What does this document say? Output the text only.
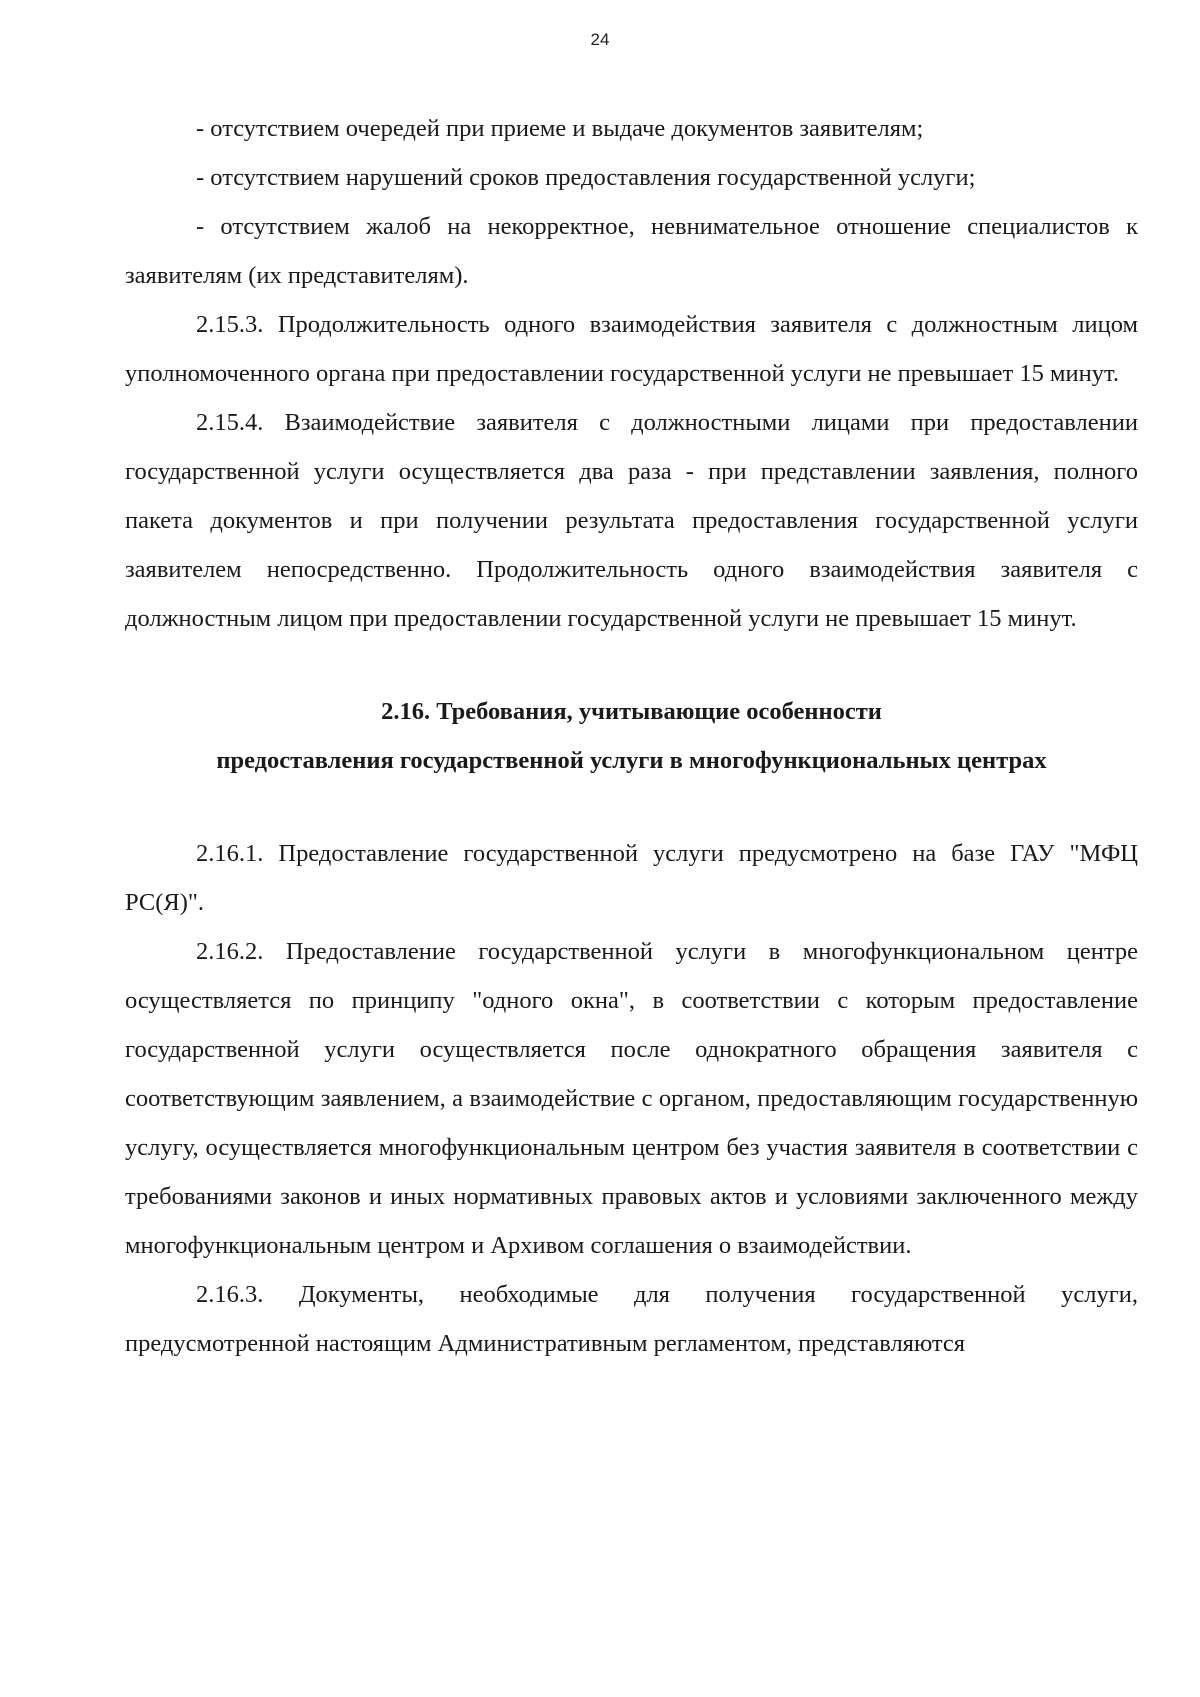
24

- отсутствием очередей при приеме и выдаче документов заявителям;

- отсутствием нарушений сроков предоставления государственной услуги;

- отсутствием жалоб на некорректное, невнимательное отношение специалистов к заявителям (их представителям).

2.15.3. Продолжительность одного взаимодействия заявителя с должностным лицом уполномоченного органа при предоставлении государственной услуги не превышает 15 минут.

2.15.4. Взаимодействие заявителя с должностными лицами при предоставлении государственной услуги осуществляется два раза - при представлении заявления, полного пакета документов и при получении результата предоставления государственной услуги заявителем непосредственно. Продолжительность одного взаимодействия заявителя с должностным лицом при предоставлении государственной услуги не превышает 15 минут.

2.16. Требования, учитывающие особенности

предоставления государственной услуги в многофункциональных центрах

2.16.1. Предоставление государственной услуги предусмотрено на базе ГАУ "МФЦ РС(Я)".

2.16.2. Предоставление государственной услуги в многофункциональном центре осуществляется по принципу "одного окна", в соответствии с которым предоставление государственной услуги осуществляется после однократного обращения заявителя с соответствующим заявлением, а взаимодействие с органом, предоставляющим государственную услугу, осуществляется многофункциональным центром без участия заявителя в соответствии с требованиями законов и иных нормативных правовых актов и условиями заключенного между многофункциональным центром и Архивом соглашения о взаимодействии.

2.16.3. Документы, необходимые для получения государственной услуги, предусмотренной настоящим Административным регламентом, представляются
